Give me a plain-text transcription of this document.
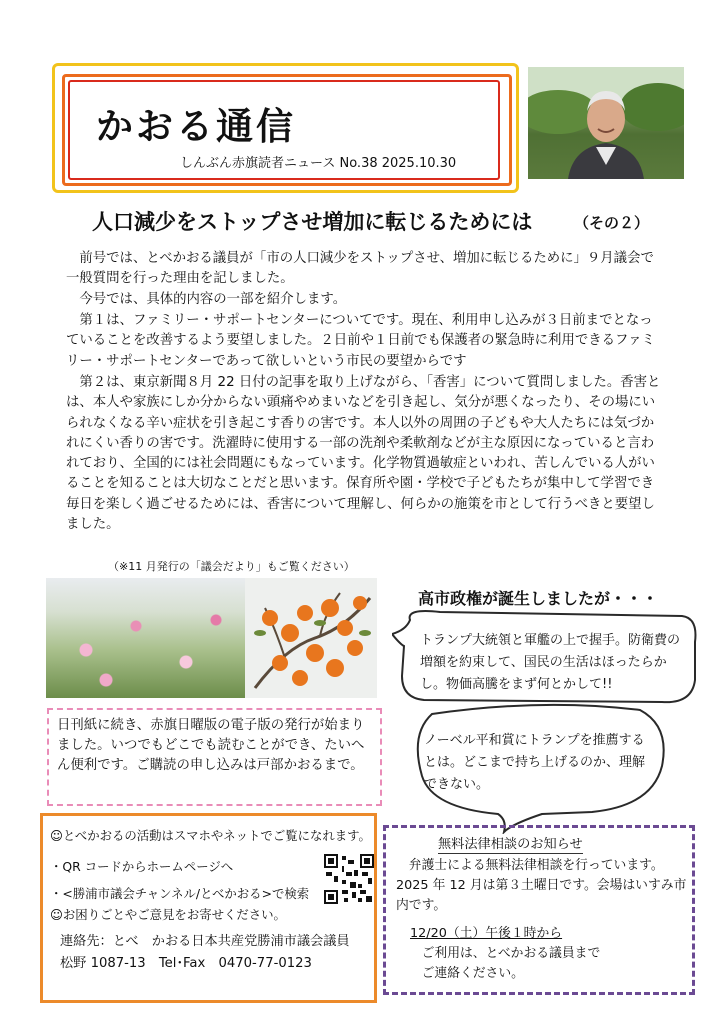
かおる通信
しんぶん赤旗読者ニュース No.38 2025.10.30
人口減少をストップさせ増加に転じるためには	（その２）
　前号では、とべかおる議員が「市の人口減少をストップさせ、増加に転じるために」９月議会で一般質問を行った理由を記しました。
　今号では、具体的内容の一部を紹介します。
　第１は、ファミリー・サポートセンターについてです。現在、利用申し込みが３日前までとなっていることを改善するよう要望しました。２日前や１日前でも保護者の緊急時に利用できるファミリー・サポートセンターであって欲しいという市民の要望からです
　第２は、東京新聞８月 22 日付の記事を取り上げながら、「香害」について質問しました。香害とは、本人や家族にしか分からない頭痛やめまいなどを引き起し、気分が悪くなったり、その場にいられなくなる辛い症状を引き起こす香りの害です。本人以外の周囲の子どもや大人たちには気づかれにくい香りの害です。洗濯時に使用する一部の洗剤や柔軟剤などが主な原因になっていると言われており、全国的には社会問題にもなっています。化学物質過敏症といわれ、苦しんでいる人がいることを知ることは大切なことだと思います。保育所や園・学校で子どもたちが集中して学習でき毎日を楽しく過ごせるためには、香害について理解し、何らかの施策を市として行うべきと要望しました。
（※11 月発行の「議会だより」もご覧ください）
日刊紙に続き、赤旗日曜版の電子版の発行が始まりました。いつでもどこでも読むことができ、たいへん便利です。ご購読の申し込みは戸部かおるまで。
高市政権が誕生しましたが・・・
トランプ大統領と軍艦の上で握手。防衛費の増額を約束して、国民の生活はほったらかし。物価高騰をまず何とかして!!
ノーベル平和賞にトランプを推薦するとは。どこまで持ち上げるのか、理解できない。
☺とべかおるの活動はスマホやネットでご覧になれます。
・QR コードからホームページへ
・<勝浦市議会チャンネル/とべかおる>で検索
☺お困りごとやご意見をお寄せください。
連絡先：とべ　かおる日本共産党勝浦市議会議員
松野 1087-13　Tel･Fax　0470-77-0123
無料法律相談のお知らせ
　弁護士による無料法律相談を行っています。2025 年 12 月は第３土曜日です。会場はいすみ市内です。
12/20（土）午後１時から
　　ご利用は、とべかおる議員まで
　　ご連絡ください。
